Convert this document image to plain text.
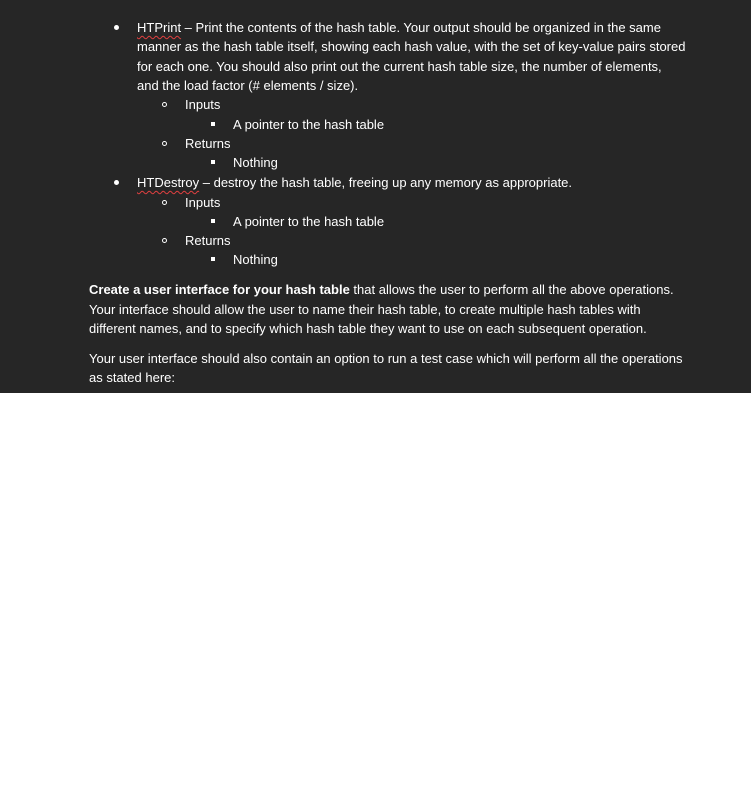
HTPrint – Print the contents of the hash table. Your output should be organized in the same
manner as the hash table itself, showing each hash value, with the set of key-value pairs stored
for each one. You should also print out the current hash table size, the number of elements,
and the load factor (# elements / size).
Inputs
A pointer to the hash table
Returns
Nothing
HTDestroy – destroy the hash table, freeing up any memory as appropriate.
Inputs
A pointer to the hash table
Returns
Nothing
Create a user interface for your hash table that allows the user to perform all the above operations.
Your interface should allow the user to name their hash table, to create multiple hash tables with
different names, and to specify which hash table they want to use on each subsequent operation.
Your user interface should also contain an option to run a test case which will perform all the operations
as stated here:
